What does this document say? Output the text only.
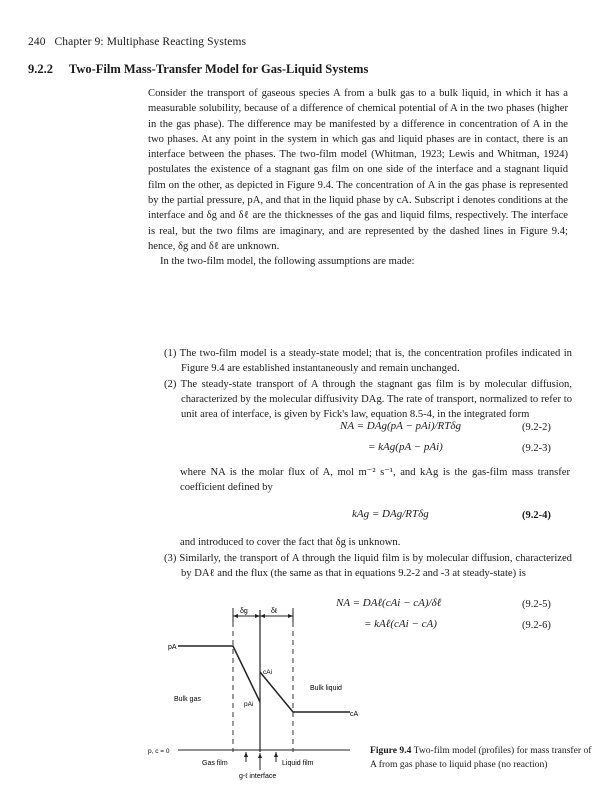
240 Chapter 9: Multiphase Reacting Systems
9.2.2 Two-Film Mass-Transfer Model for Gas-Liquid Systems

Consider the transport of gaseous species A from a bulk gas to a bulk liquid, in which it has a measurable solubility, because of a difference of chemical potential of A in the two phases (higher in the gas phase). The difference may be manifested by a difference in concentration of A in the two phases. At any point in the system in which gas and liquid phases are in contact, there is an interface between the phases. The two-film model (Whitman, 1923; Lewis and Whitman, 1924) postulates the existence of a stagnant gas film on one side of the interface and a stagnant liquid film on the other, as depicted in Figure 9.4. The concentration of A in the gas phase is represented by the partial pressure, pA, and that in the liquid phase by cA. Subscript i denotes conditions at the interface and δg and δℓ are the thicknesses of the gas and liquid films, respectively. The interface is real, but the two films are imaginary, and are represented by the dashed lines in Figure 9.4; hence, δg and δℓ are unknown.

In the two-film model, the following assumptions are made:

(1) The two-film model is a steady-state model; that is, the concentration profiles indicated in Figure 9.4 are established instantaneously and remain unchanged.

(2) The steady-state transport of A through the stagnant gas film is by molecular diffusion, characterized by the molecular diffusivity DAg. The rate of transport, normalized to refer to unit area of interface, is given by Fick's law, equation 8.5-4, in the integrated form

NA = DAg(pA − pAi)/RTδg	(9.2-2)
= kAg(pA − pAi)	(9.2-3)
where NA is the molar flux of A, mol m⁻² s⁻¹, and kAg is the gas-film mass transfer coefficient defined by
kAg = DAg/RTδg	(9.2-4)
and introduced to cover the fact that δg is unknown.

(3) Similarly, the transport of A through the liquid film is by molecular diffusion, characterized by DAℓ and the flux (the same as that in equations 9.2-2 and -3 at steady-state) is

NA = DAℓ(cAi − cA)/δℓ	(9.2-5)
= kAℓ(cAi − cA)	(9.2-6)
δg	δℓ
pA
cAi
pAi
Bulk gas
Bulk liquid
cA
p, c = 0
Gas film	Liquid film
g-ℓ interface
Figure 9.4 Two-film model (profiles) for mass transfer of A from gas phase to liquid phase (no reaction)
